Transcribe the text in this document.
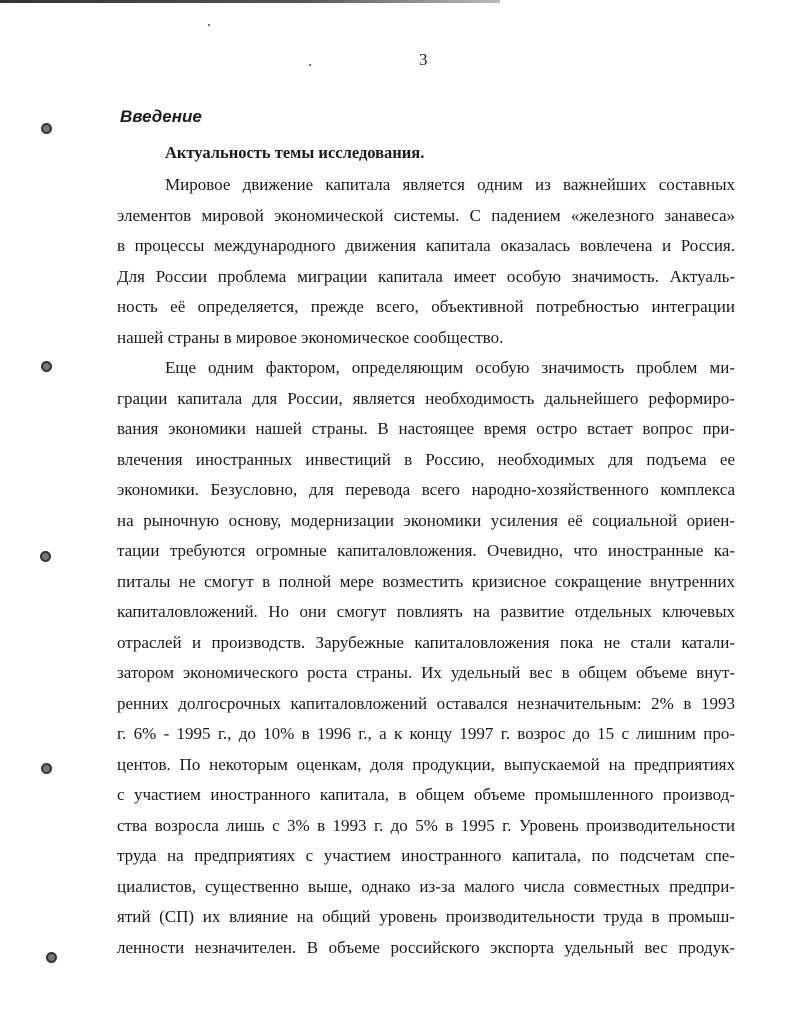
3
Введение
Актуальность темы исследования.
Мировое движение капитала является одним из важнейших составных
элементов мировой экономической системы. С падением «железного занавеса»
в процессы международного движения капитала оказалась вовлечена и Россия.
Для России проблема миграции капитала имеет особую значимость. Актуаль-
ность её определяется, прежде всего, объективной потребностью интеграции
нашей страны в мировое экономическое сообщество.
Еще одним фактором, определяющим особую значимость проблем ми-
грации капитала для России, является необходимость дальнейшего реформиро-
вания экономики нашей страны. В настоящее время остро встает вопрос при-
влечения иностранных инвестиций в Россию, необходимых для подъема ее
экономики. Безусловно, для перевода всего народно-хозяйственного комплекса
на рыночную основу, модернизации экономики усиления её социальной ориен-
тации требуются огромные капиталовложения. Очевидно, что иностранные ка-
питалы не смогут в полной мере возместить кризисное сокращение внутренних
капиталовложений. Но они смогут повлиять на развитие отдельных ключевых
отраслей и производств. Зарубежные капиталовложения пока не стали катали-
затором экономического роста страны. Их удельный вес в общем объеме внут-
ренних долгосрочных капиталовложений оставался незначительным: 2% в 1993
г. 6% - 1995 г., до 10% в 1996 г., а к концу 1997 г. возрос до 15 с лишним про-
центов. По некоторым оценкам, доля продукции, выпускаемой на предприятиях
с участием иностранного капитала, в общем объеме промышленного производ-
ства возросла лишь с 3% в 1993 г. до 5% в 1995 г. Уровень производительности
труда на предприятиях с участием иностранного капитала, по подсчетам спе-
циалистов, существенно выше, однако из-за малого числа совместных предпри-
ятий (СП) их влияние на общий уровень производительности труда в промыш-
ленности незначителен. В объеме российского экспорта удельный вес продук-
